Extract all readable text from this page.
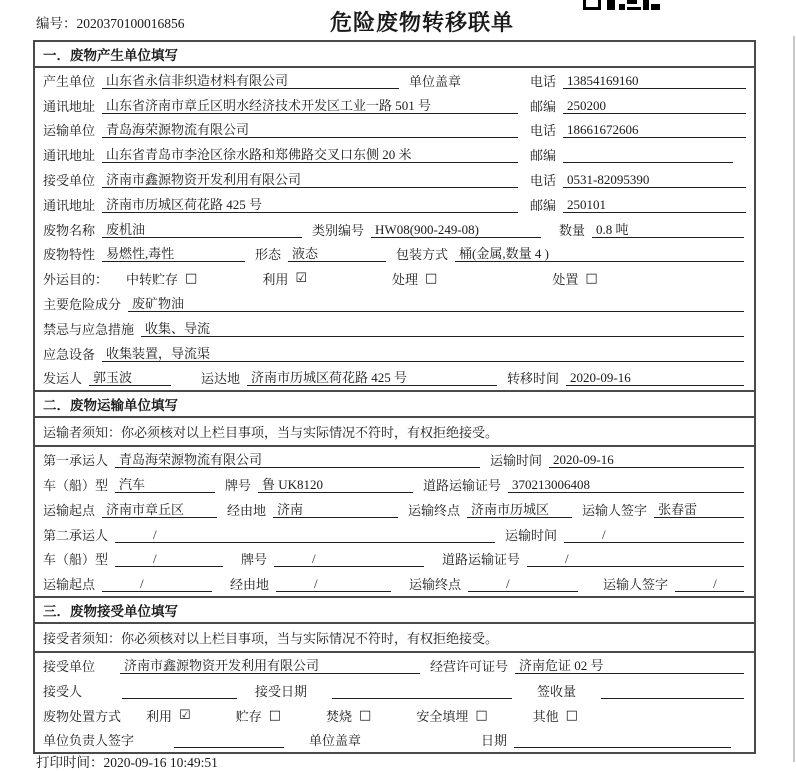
编号：2020370100016856	危险废物转移联单
一．废物产生单位填写
产生单位 山东省永信非织造材料有限公司	单位盖章	电话 13854169160
通讯地址 山东省济南市章丘区明水经济技术开发区工业一路 501 号	邮编 250200
运输单位 青岛海荣源物流有限公司	电话 18661672606
通讯地址 山东省青岛市李沧区徐水路和郑佛路交叉口东侧 20 米	邮编
接受单位 济南市鑫源物资开发利用有限公司	电话 0531-82095390
通讯地址 济南市历城区荷花路 425 号	邮编 250101
废物名称 废机油	类别编号 HW08(900-249-08)	数量 0.8 吨
废物特性 易燃性,毒性	形态 液态	包装方式 桶(金属,数量 4 )
外运目的： 中转贮存 □	利用 ☑	处理 □	处置 □
主要危险成分 废矿物油
禁忌与应急措施 收集、导流
应急设备 收集装置，导流渠
发运人 郭玉波	运达地 济南市历城区荷花路 425 号	转移时间 2020-09-16
二．废物运输单位填写
运输者须知：你必须核对以上栏目事项，当与实际情况不符时，有权拒绝接受。
第一承运人 青岛海荣源物流有限公司	运输时间 2020-09-16
车（船）型 汽车	牌号 鲁 UK8120	道路运输证号 370213006408
运输起点 济南市章丘区	经由地 济南	运输终点 济南市历城区	运输人签字 张春雷
第二承运人	/	运输时间	/
车（船）型	/	牌号	/	道路运输证号	/
运输起点	/	经由地	/	运输终点	/	运输人签字	/
三．废物接受单位填写
接受者须知：你必须核对以上栏目事项，当与实际情况不符时，有权拒绝接受。
接受单位	济南市鑫源物资开发利用有限公司	经营许可证号 济南危证 02 号
接受人	接受日期	签收量
废物处置方式 利用 ☑	贮存 □	焚烧 □	安全填埋 □	其他 □
单位负责人签字	单位盖章	日期
打印时间：2020-09-16 10:49:51
